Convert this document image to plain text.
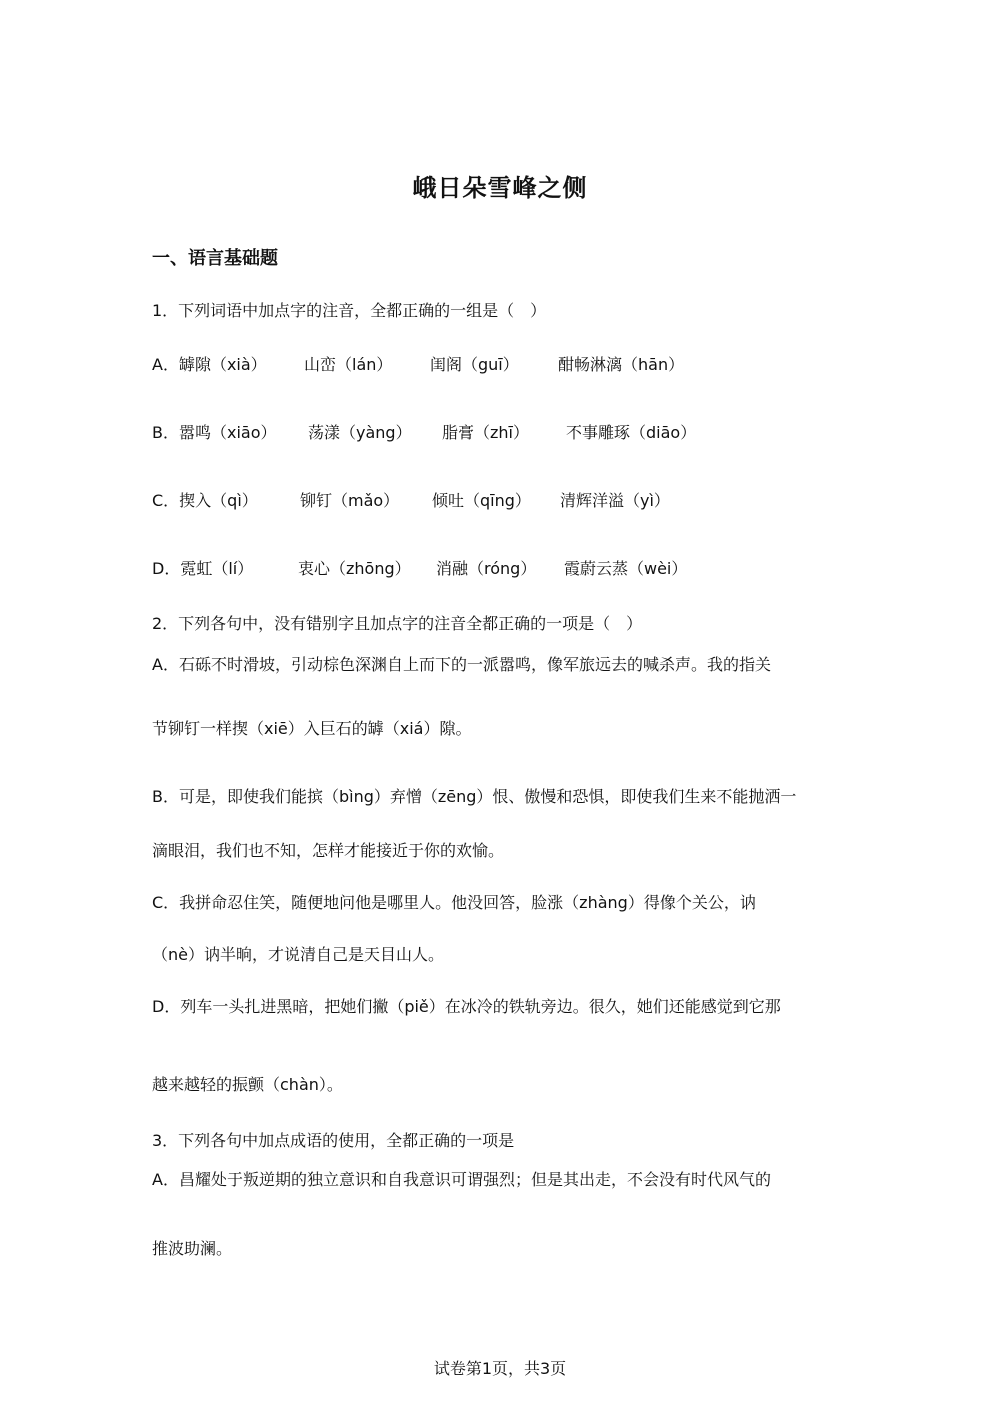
峨日朵雪峰之侧
一、语言基础题
1．下列词语中加点字的注音，全都正确的一组是（　）
A．罅隙（xià） 山峦（lán） 闺阁（guī） 酣畅淋漓（hān）
B．嚣鸣（xiāo） 荡漾（yàng） 脂膏（zhī） 不事雕琢（diāo）
C．揳入（qì）	铆钉（mǎo） 倾吐（qīng） 清辉洋溢（yì）
D．霓虹（lí）	衷心（zhōng） 消融（róng） 霞蔚云蒸（wèi）
2．下列各句中，没有错别字且加点字的注音全都正确的一项是（　）
A．石砾不时滑坡，引动棕色深渊自上而下的一派嚣鸣，像军旅远去的喊杀声。我的指关
节铆钉一样揳（xiē）入巨石的罅（xiá）隙。
B．可是，即使我们能摈（bìng）弃憎（zēng）恨、傲慢和恐惧，即使我们生来不能抛洒一
滴眼泪，我们也不知，怎样才能接近于你的欢愉。
C．我拼命忍住笑，随便地问他是哪里人。他没回答，脸涨（zhàng）得像个关公，讷
（nè）讷半晌，才说清自己是天目山人。
D．列车一头扎进黑暗，把她们撇（piě）在冰冷的铁轨旁边。很久，她们还能感觉到它那
越来越轻的振颤（chàn）。
3．下列各句中加点成语的使用，全都正确的一项是
A．昌耀处于叛逆期的独立意识和自我意识可谓强烈；但是其出走，不会没有时代风气的
推波助澜。
试卷第1页，共3页
